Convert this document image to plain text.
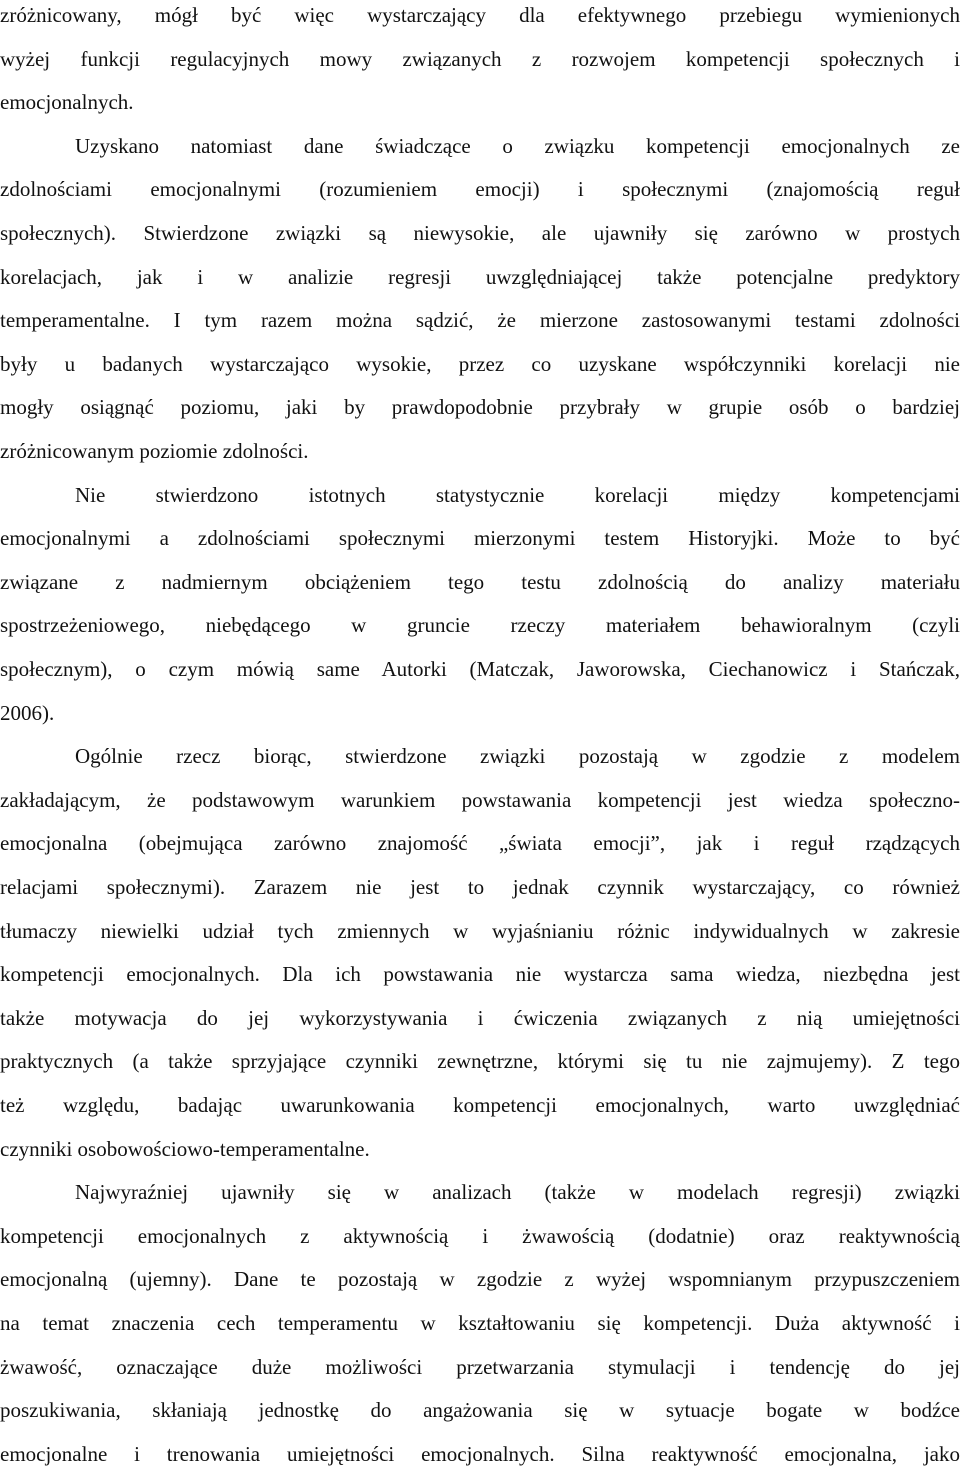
zróżnicowany, mógł być więc wystarczający dla efektywnego przebiegu wymienionych
wyżej funkcji regulacyjnych mowy związanych z rozwojem kompetencji społecznych i
emocjonalnych.
Uzyskano natomiast dane świadczące o związku kompetencji emocjonalnych ze
zdolnościami emocjonalnymi (rozumieniem emocji) i społecznymi (znajomością reguł
społecznych). Stwierdzone związki są niewysokie, ale ujawniły się zarówno w prostych
korelacjach, jak i w analizie regresji uwzględniającej także potencjalne predyktory
temperamentalne. I tym razem można sądzić, że mierzone zastosowanymi testami zdolności
były u badanych wystarczająco wysokie, przez co uzyskane współczynniki korelacji nie
mogły osiągnąć poziomu, jaki by prawdopodobnie przybrały w grupie osób o bardziej
zróżnicowanym poziomie zdolności.
Nie stwierdzono istotnych statystycznie korelacji między kompetencjami
emocjonalnymi a zdolnościami społecznymi mierzonymi testem Historyjki. Może to być
związane z nadmiernym obciążeniem tego testu zdolnością do analizy materiału
spostrzeżeniowego, niebędącego w gruncie rzeczy materiałem behawioralnym (czyli
społecznym), o czym mówią same Autorki (Matczak, Jaworowska, Ciechanowicz i Stańczak,
2006).
Ogólnie rzecz biorąc, stwierdzone związki pozostają w zgodzie z modelem
zakładającym, że podstawowym warunkiem powstawania kompetencji jest wiedza społeczno-
emocjonalna (obejmująca zarówno znajomość „świata emocji”, jak i reguł rządzących
relacjami społecznymi). Zarazem nie jest to jednak czynnik wystarczający, co również
tłumaczy niewielki udział tych zmiennych w wyjaśnianiu różnic indywidualnych w zakresie
kompetencji emocjonalnych. Dla ich powstawania nie wystarcza sama wiedza, niezbędna jest
także motywacja do jej wykorzystywania i ćwiczenia związanych z nią umiejętności
praktycznych (a także sprzyjające czynniki zewnętrzne, którymi się tu nie zajmujemy). Z tego
też względu, badając uwarunkowania kompetencji emocjonalnych, warto uwzględniać
czynniki osobowościowo-temperamentalne.
Najwyraźniej ujawniły się w analizach (także w modelach regresji) związki
kompetencji emocjonalnych z aktywnością i żwawością (dodatnie) oraz reaktywnością
emocjonalną (ujemny). Dane te pozostają w zgodzie z wyżej wspomnianym przypuszczeniem
na temat znaczenia cech temperamentu w kształtowaniu się kompetencji. Duża aktywność i
żwawość, oznaczające duże możliwości przetwarzania stymulacji i tendencję do jej
poszukiwania, skłaniają jednostkę do angażowania się w sytuacje bogate w bodźce
emocjonalne i trenowania umiejętności emocjonalnych. Silna reaktywność emocjonalna, jako
